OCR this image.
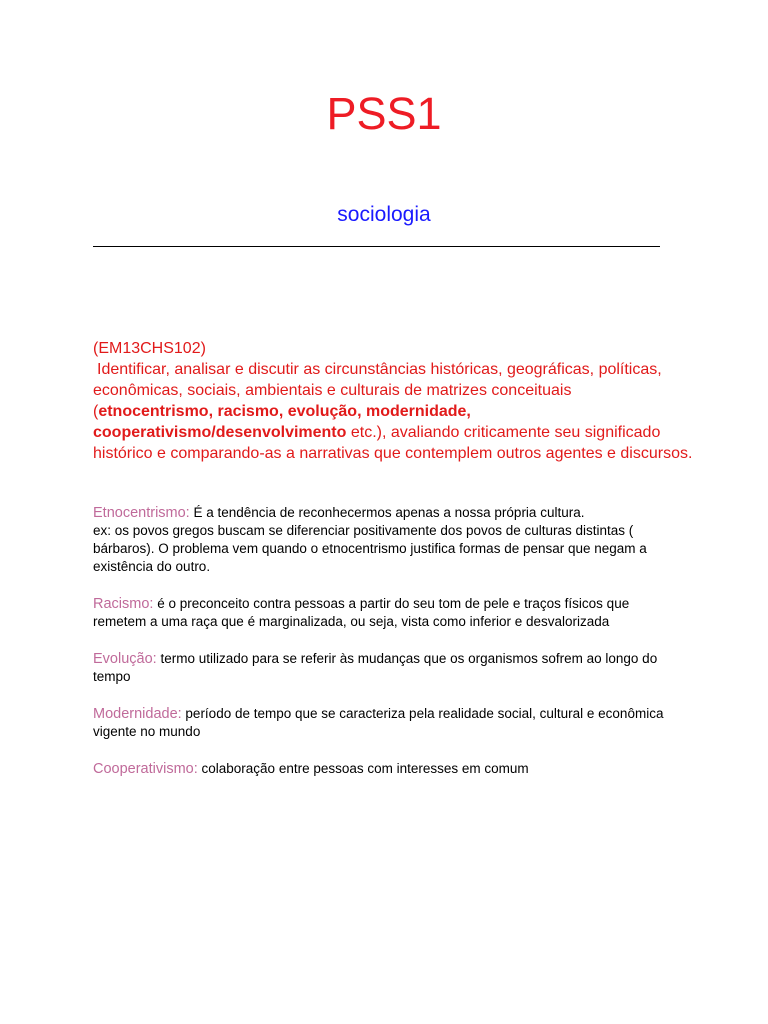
PSS1
sociologia
(EM13CHS102)
Identificar, analisar e discutir as circunstâncias históricas, geográficas, políticas, econômicas, sociais, ambientais e culturais de matrizes conceituais (etnocentrismo, racismo, evolução, modernidade, cooperativismo/desenvolvimento etc.), avaliando criticamente seu significado histórico e comparando-as a narrativas que contemplem outros agentes e discursos.

Etnocentrismo: É a tendência de reconhecermos apenas a nossa própria cultura.
ex: os povos gregos buscam se diferenciar positivamente dos povos de culturas distintas ( bárbaros). O problema vem quando o etnocentrismo justifica formas de pensar que negam a existência do outro.

Racismo: é o preconceito contra pessoas a partir do seu tom de pele e traços físicos que remetem a uma raça que é marginalizada, ou seja, vista como inferior e desvalorizada

Evolução: termo utilizado para se referir às mudanças que os organismos sofrem ao longo do tempo

Modernidade: período de tempo que se caracteriza pela realidade social, cultural e econômica vigente no mundo

Cooperativismo: colaboração entre pessoas com interesses em comum
